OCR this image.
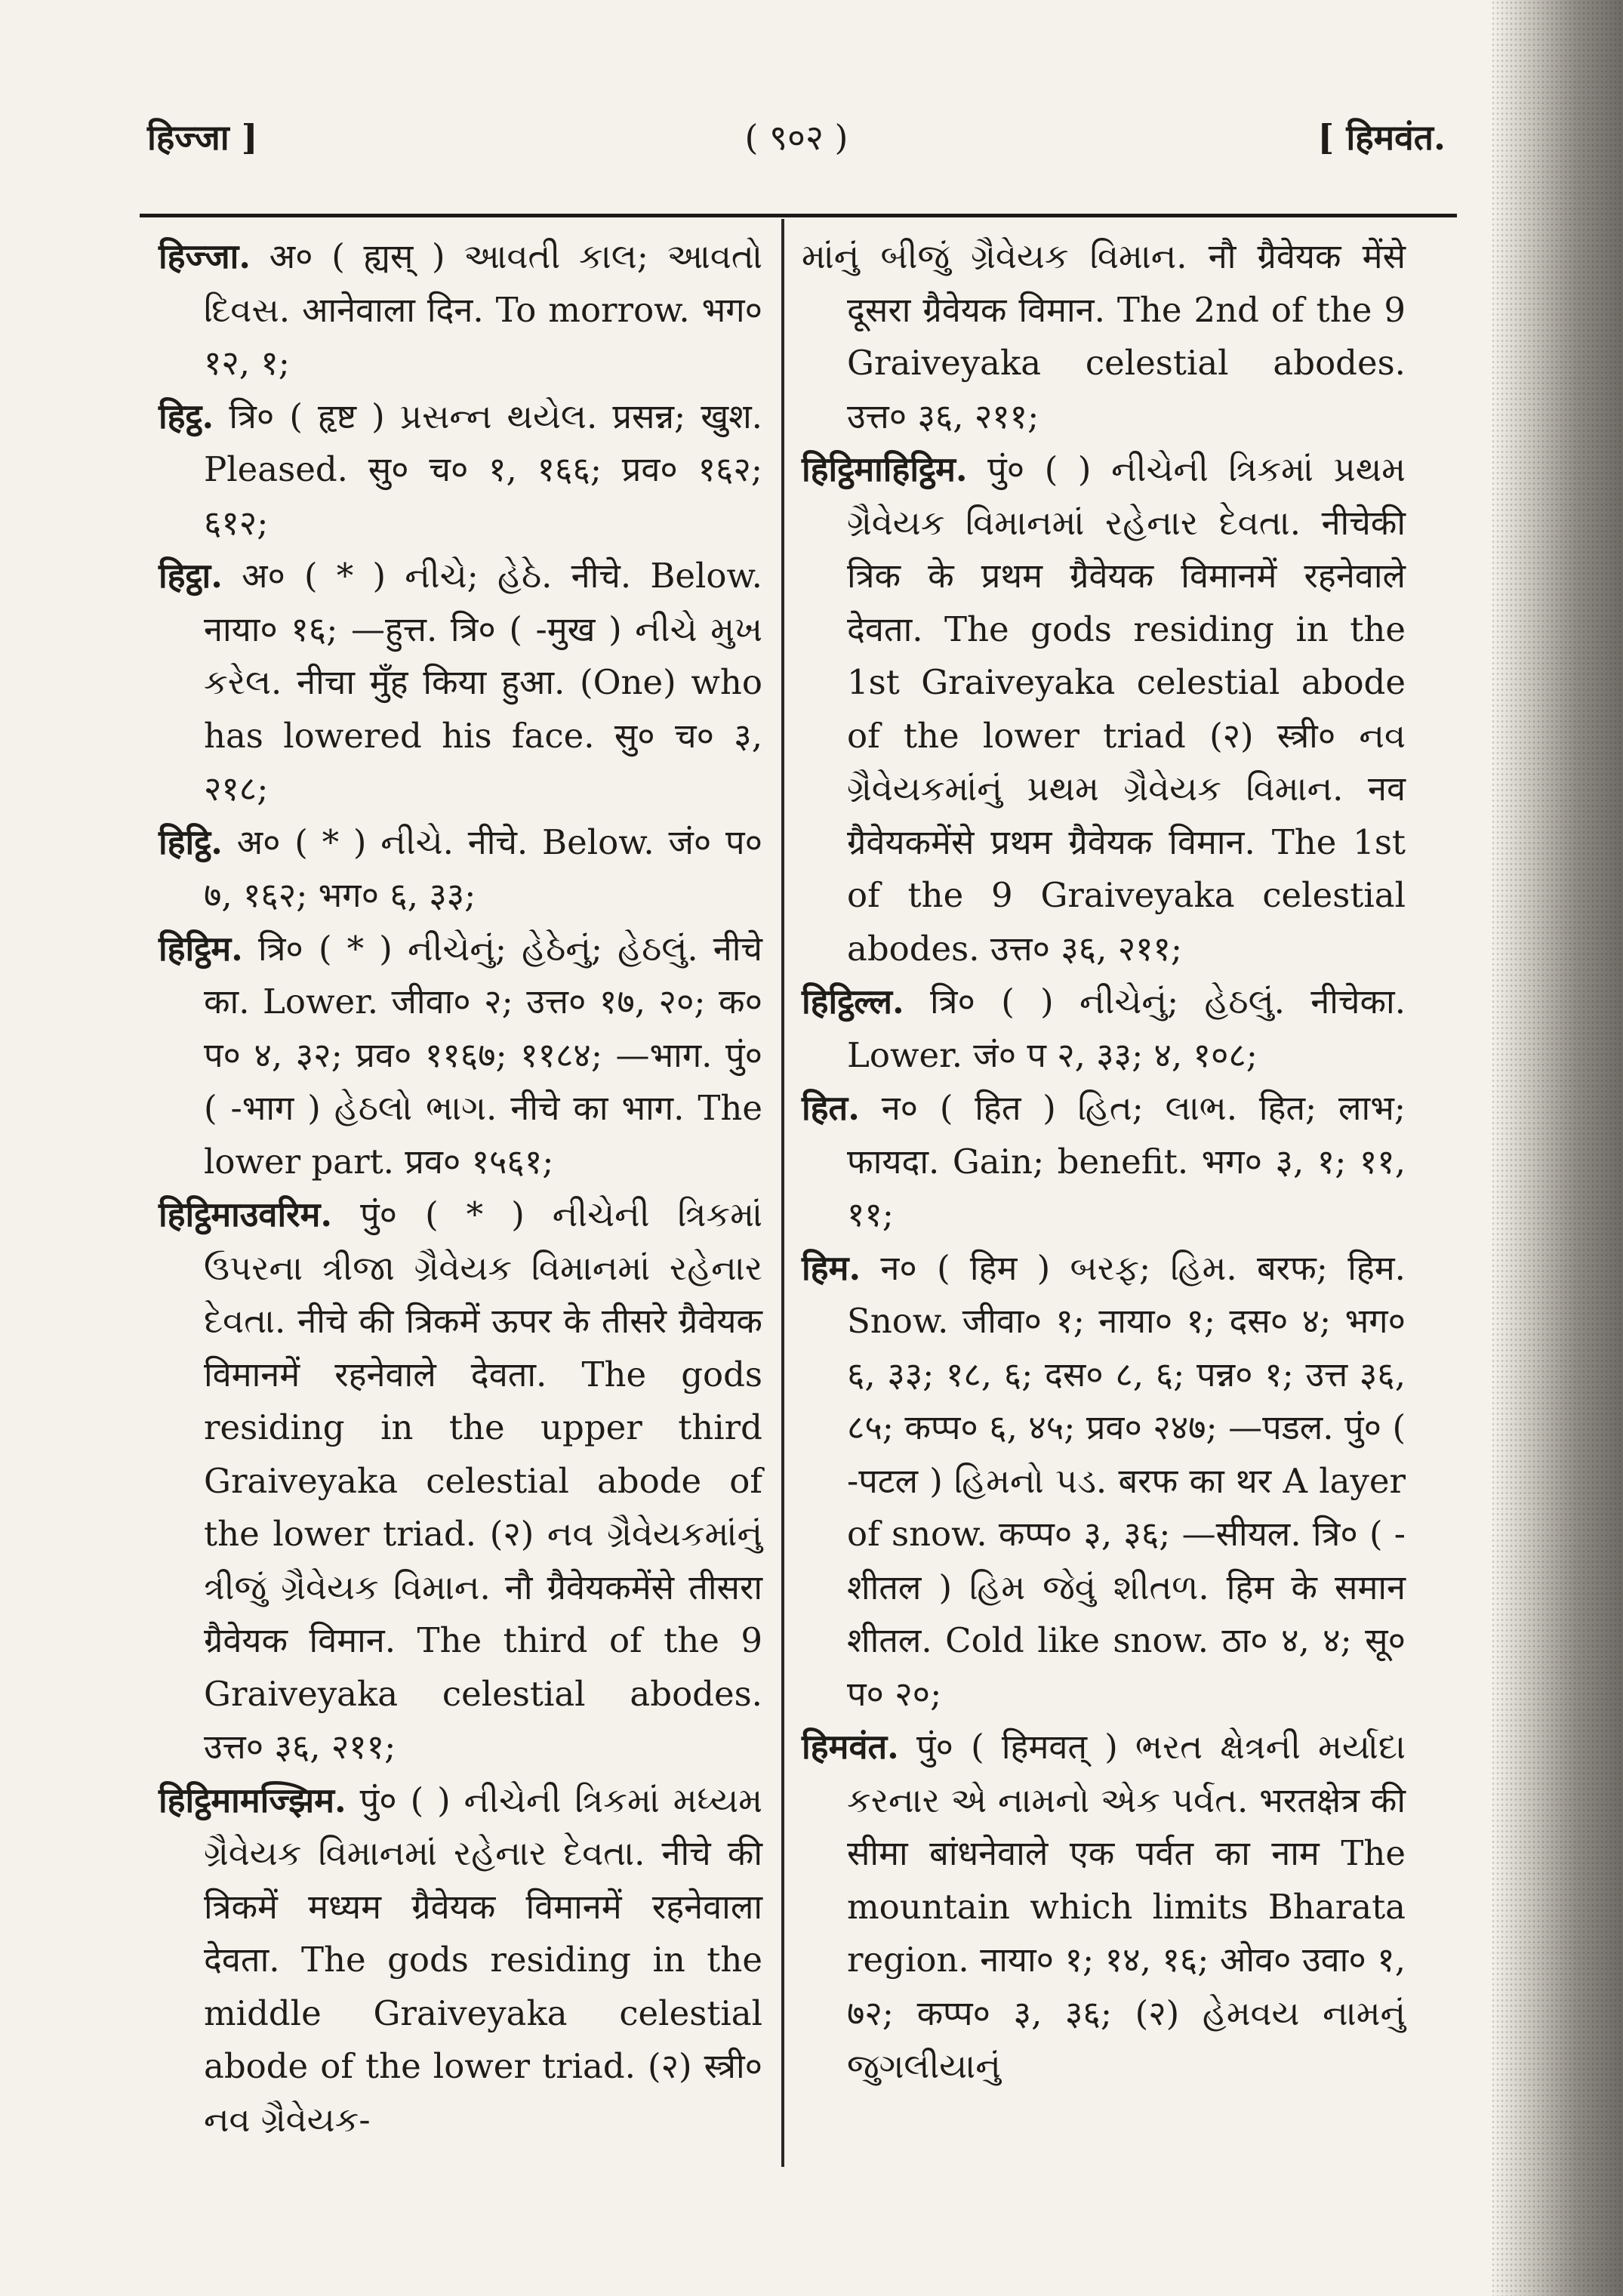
हिज्जा ]	( ९०२ )	[ हिमवंत.

हिज्जा. अ० ( ह्यस् ) આવતી કાલ; આવતો દિવસ. आनेवाला दिन. To morrow. भग० १२, १;

हिट्ठ. त्रि० ( हृष्ट ) પ્રસન્ન થયેલ. प्रसन्न; खुश. Pleased. सु० च० १, १६६; प्रव० १६२; ६१२;

हिट्ठा. अ० ( * ) નીચે; હેઠે. नीचे. Below. नाया० १६; —हुत्त. त्रि० ( -मुख ) નીચે મુખ કરેલ. नीचा मुँह किया हुआ. (One) who has lowered his face. सु० च० ३, २१८;

हिट्ठि. अ० ( * ) નીચે. नीचे. Below. जं० प० ७, १६२; भग० ६, ३३;

हिट्ठिम. त्रि० ( * ) નીચેનું; હેઠેનું; હેઠલું. नीचे का. Lower. जीवा० २; उत्त० १७, २०; क० प० ४, ३२; प्रव० ११६७; ११८४; —भाग. पुं० ( -भाग ) હેઠલો ભાગ. नीचे का भाग. The lower part. प्रव० १५६१;

हिट्ठिमाउवरिम. पुं० ( * ) નીચેની ત્રિકમાં ઉપરના ત્રીજા ગ્રૈવેયક વિમાનમાં રહેનાર દેવતા. नीचे की त्रिकमें ऊपर के तीसरे ग्रैवेयक विमानमें रहनेवाले देवता. The gods residing in the upper third Graiveyaka celestial abode of the lower triad. (२) નવ ગ્રૈવેયકમાંનું ત્રીજું ગ્રૈવેયક વિમાન. नौ ग्रैवेयकमेंसे तीसरा ग्रैवेयक विमान. The third of the 9 Graiveyaka celestial abodes. उत्त० ३६, २११;

हिट्ठिमामज्झिम. पुं० ( ) નીચેની ત્રિકમાં મધ્યમ ગ્રૈવેયક વિમાનમાં રહેનાર દેવતા. नीचे की त्रिकमें मध्यम ग्रैवेयक विमानमें रहनेवाला देवता. The gods residing in the middle Graiveyaka celestial abode of the lower triad. (२) स्त्री० નવ ગ્રૈવેયક-

માંનું બીજું ગ્રૈવેયક વિમાન. नौ ग्रैवेयक मेंसे दूसरा ग्रैवेयक विमान. The 2nd of the 9 Graiveyaka celestial abodes. उत्त० ३६, २११;

हिट्ठिमाहिट्ठिम. पुं० ( ) નીચેની ત્રિકમાં પ્રથમ ગ્રૈવેયક વિમાનમાં રહેનાર દેવતા. नीचेकी त्रिक के प्रथम ग्रैवेयक विमानमें रहनेवाले देवता. The gods residing in the 1st Graiveyaka celestial abode of the lower triad (२) स्त्री० નવ ગ્રૈવેયકમાંનું પ્રથમ ગ્રૈવેયક વિમાન. नव ग्रैवेयकमेंसे प्रथम ग्रैवेयक विमान. The 1st of the 9 Graiveyaka celestial abodes. उत्त० ३६, २११;

हिट्ठिल्ल. त्रि० ( ) નીચેનું; હેઠલું. नीचेका. Lower. जं० प २, ३३; ४, १०८;

हित. न० ( हित ) હિત; લાભ. हित; लाभ; फायदा. Gain; benefit. भग० ३, १; ११, ११;

हिम. न० ( हिम ) બરફ; હિમ. बरफ; हिम. Snow. जीवा० १; नाया० १; दस० ४; भग० ६, ३३; १८, ६; दस० ८, ६; पन्न० १; उत्त ३६, ८५; कप्प० ६, ४५; प्रव० २४७; —पडल. पुं० ( -पटल ) હિમનો પડ. बरफ का थर A layer of snow. कप्प० ३, ३६; —सीयल. त्रि० ( -शीतल ) હિમ જેવું શીતળ. हिम के समान शीतल. Cold like snow. ठा० ४, ४; सू० प० २०;

हिमवंत. पुं० ( हिमवत् ) ભરત ક્ષેત્રની મર્યાદા કરનાર એ નામનો એક પર્વત. भरतक्षेत्र की सीमा बांधनेवाले एक पर्वत का नाम The mountain which limits Bharata region. नाया० १; १४, १६; ओव० उवा० १, ७२; कप्प० ३, ३६; (२) હેમવય નામનું જુગલીયાનું
